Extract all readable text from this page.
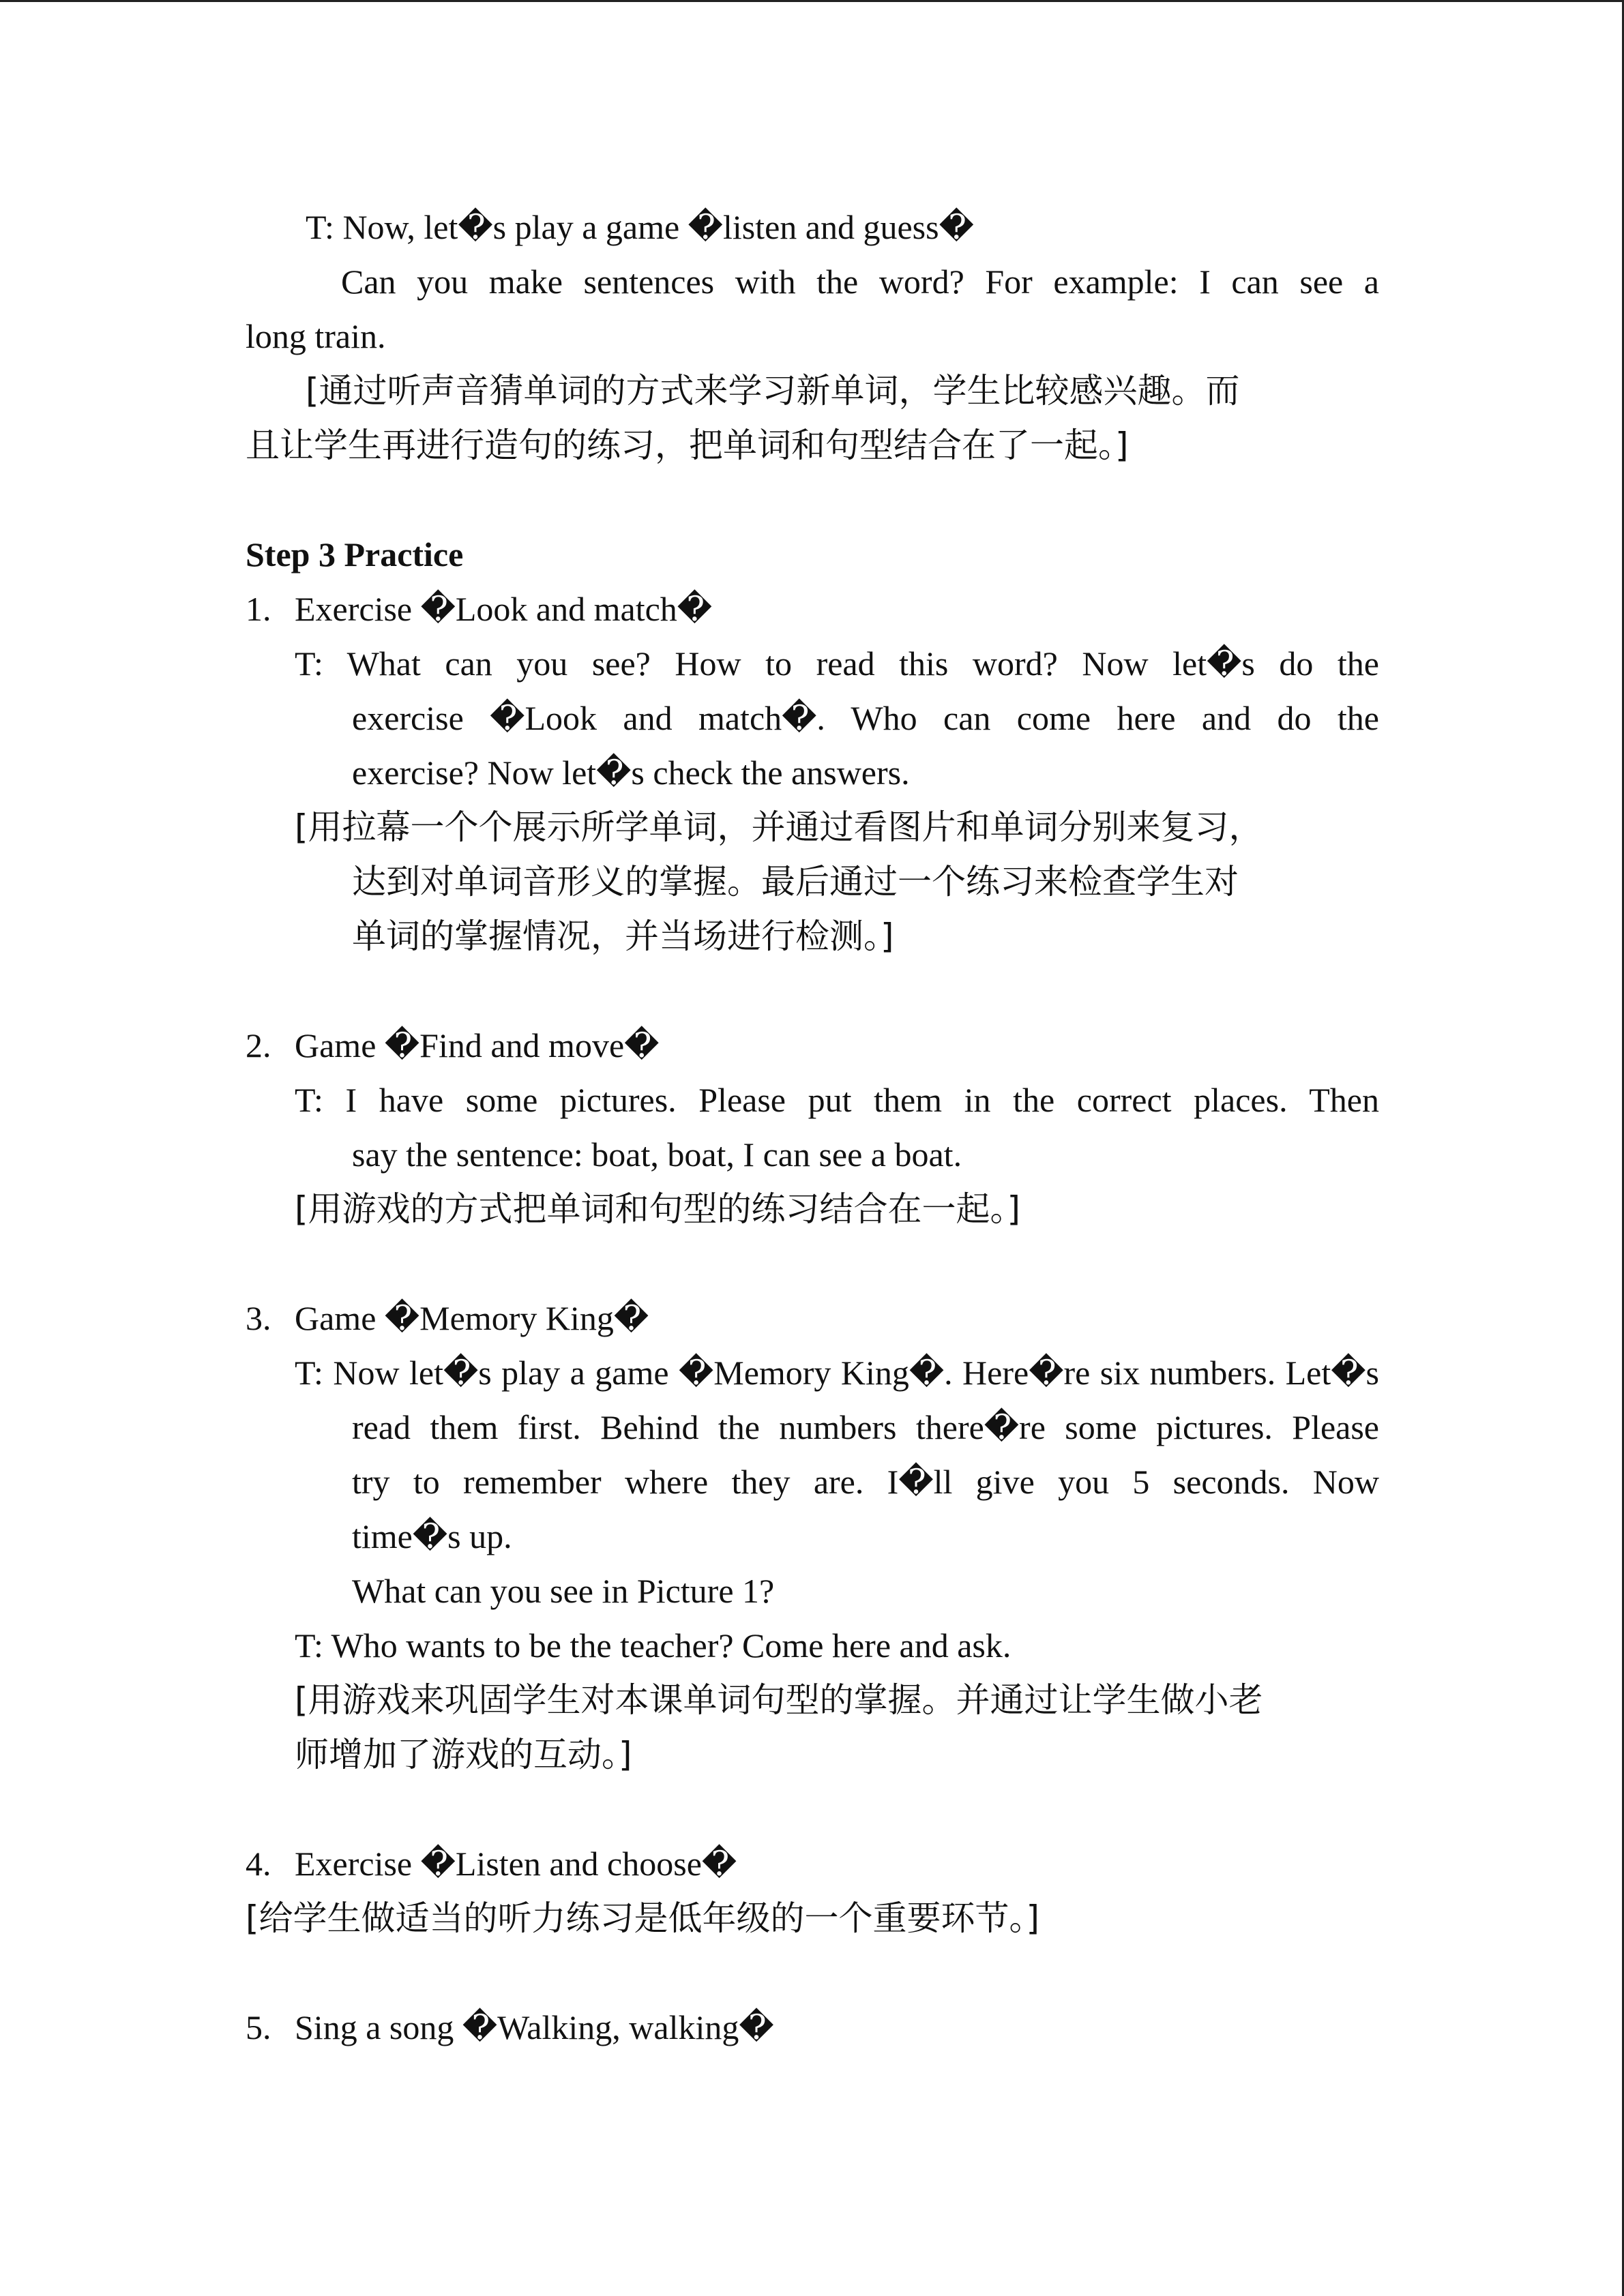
T: Now, let�s play a game �listen and guess�
Can you make sentences with the word? For example: I can see a
long train.
[通过听声音猜单词的方式来学习新单词，学生比较感兴趣。而
且让学生再进行造句的练习，把单词和句型结合在了一起。]
Step 3 Practice
1. Exercise �Look and match�
T: What can you see? How to read this word? Now let�s do the
exercise �Look and match�. Who can come here and do the
exercise? Now let�s check the answers.
[用拉幕一个个展示所学单词，并通过看图片和单词分别来复习，
达到对单词音形义的掌握。最后通过一个练习来检查学生对
单词的掌握情况，并当场进行检测。]
2. Game �Find and move�
T: I have some pictures. Please put them in the correct places. Then
say the sentence: boat, boat, I can see a boat.
[用游戏的方式把单词和句型的练习结合在一起。]
3. Game �Memory King�
T: Now let�s play a game �Memory King�. Here�re six numbers. Let�s
read them first. Behind the numbers there�re some pictures. Please
try to remember where they are. I�ll give you 5 seconds. Now
time�s up.
What can you see in Picture 1?
T: Who wants to be the teacher? Come here and ask.
[用游戏来巩固学生对本课单词句型的掌握。并通过让学生做小老
师增加了游戏的互动。]
4. Exercise �Listen and choose�
[给学生做适当的听力练习是低年级的一个重要环节。]
5. Sing a song �Walking, walking�
